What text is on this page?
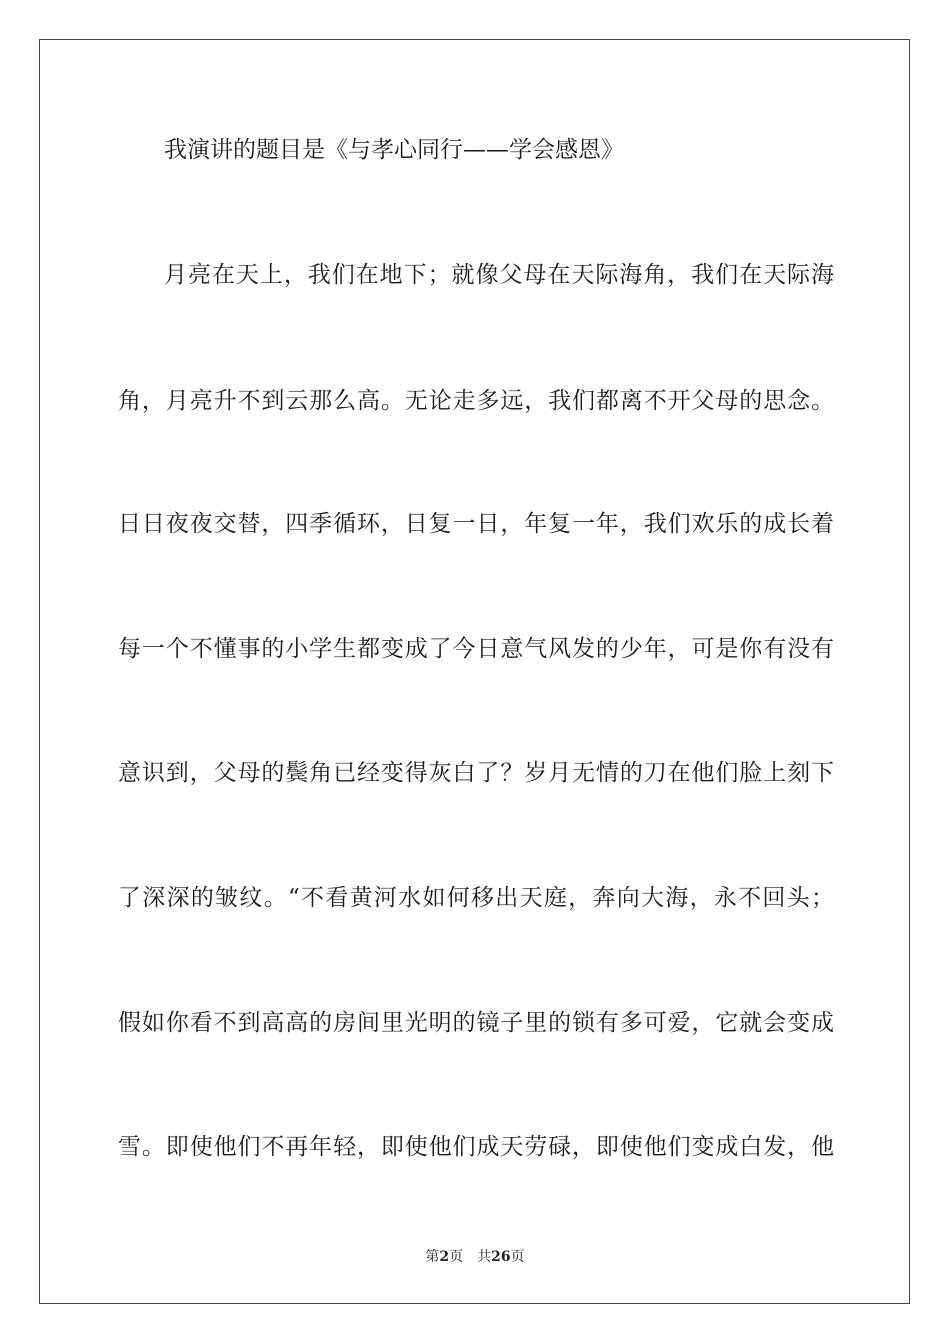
我演讲的题目是《与孝心同行——学会感恩》
月亮在天上，我们在地下；就像父母在天际海角，我们在天际海
角，月亮升不到云那么高。无论走多远，我们都离不开父母的思念。
日日夜夜交替，四季循环，日复一日，年复一年，我们欢乐的成长着
每一个不懂事的小学生都变成了今日意气风发的少年，可是你有没有
意识到，父母的鬓角已经变得灰白了？岁月无情的刀在他们脸上刻下
了深深的皱纹。“不看黄河水如何移出天庭，奔向大海，永不回头；
假如你看不到高高的房间里光明的镜子里的锁有多可爱，它就会变成
雪。即使他们不再年轻，即使他们成天劳碌，即使他们变成白发，他
第2页 共26页
